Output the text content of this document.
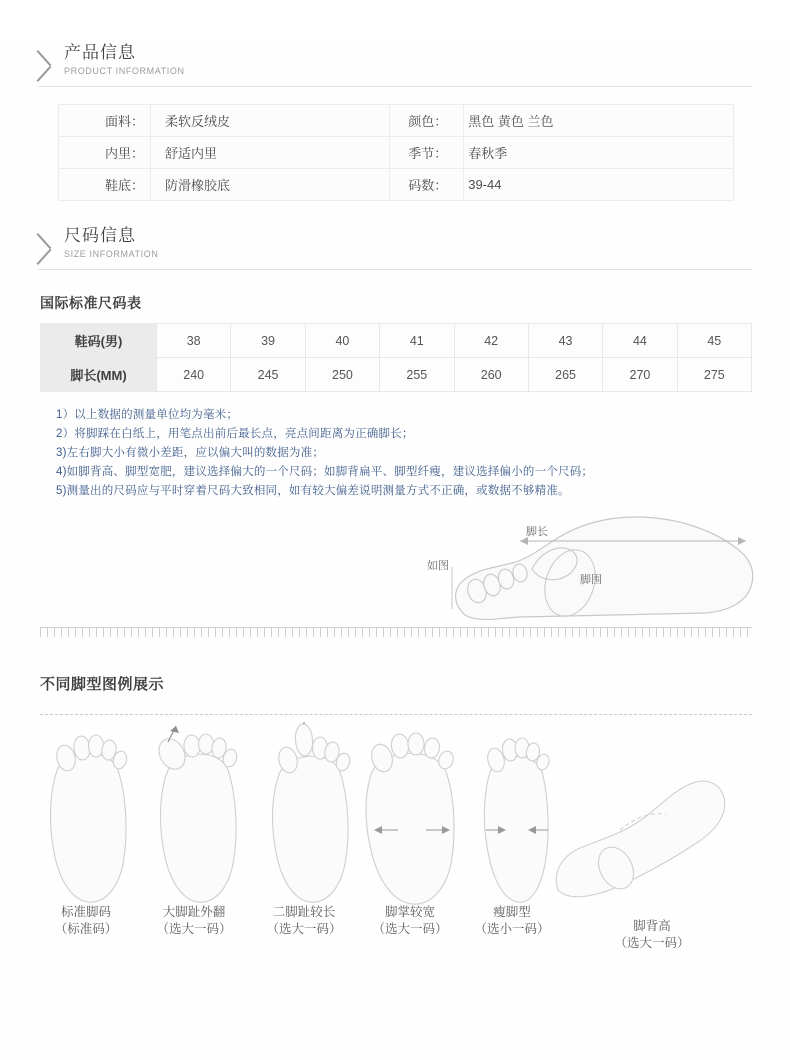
产品信息
PRODUCT INFORMATION
面料：	柔软反绒皮	颜色：	黑色 黄色 兰色
内里：	舒适内里	季节：	春秋季
鞋底：	防滑橡胶底	码数：	39-44
尺码信息
SIZE INFORMATION
国际标准尺码表
鞋码(男)	38	39	40	41	42	43	44	45
脚长(MM)	240	245	250	255	260	265	270	275
1）以上数据的测量单位均为毫米；
2）将脚踩在白纸上，用笔点出前后最长点，亮点间距离为正确脚长；
3)左右脚大小有微小差距，应以偏大叫的数据为准；
4)如脚背高、脚型宽肥，建议选择偏大的一个尺码；如脚背扁平、脚型纤瘦，建议选择偏小的一个尺码；
5)测量出的尺码应与平时穿着尺码大致相同，如有较大偏差说明测量方式不正确，或数据不够精准。
如图
脚长
脚围
不同脚型图例展示
标准脚码
（标准码）
大脚趾外翻
（选大一码）
二脚趾较长
（选大一码）
脚掌较宽
（选大一码）
瘦脚型
（选小一码）	脚背高
（选大一码）
